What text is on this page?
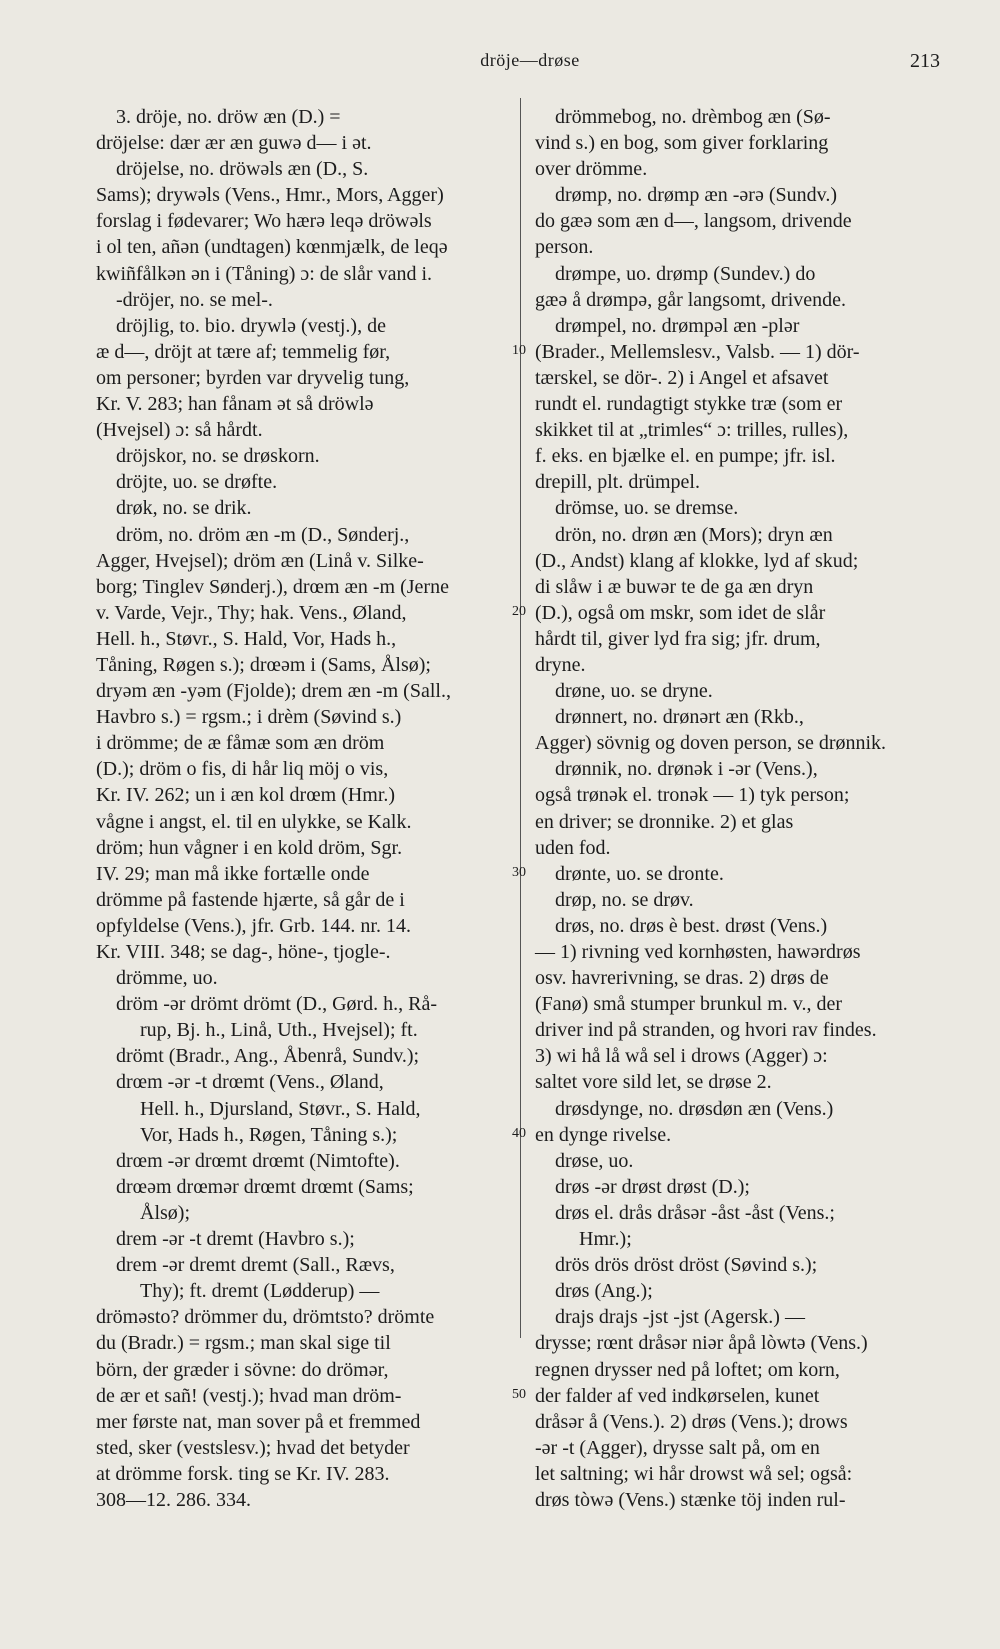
dröje—drøse	213
10
20
30
40
50
3. dröje, no. dröw æn (D.) =
dröjelse: dær ær æn guwə d— i ət.
dröjelse, no. dröwəls æn (D., S.
Sams); drywəls (Vens., Hmr., Mors, Agger)
forslag i fødevarer; Wo hærə leqə dröwəls
i ol ten, añən (undtagen) kœnmjælk, de leqə
kwiñfålkən ən i (Tåning) ɔ: de slår vand i.
-dröjer, no. se mel-.
dröjlig, to. bio. drywlə (vestj.), de
æ d—, dröjt at tære af; temmelig før,
om personer; byrden var dryvelig tung,
Kr. V. 283; han fånam ət så dröwlə
(Hvejsel) ɔ: så hårdt.
dröjskor, no. se drøskorn.
dröjte, uo. se drøfte.
drøk, no. se drik.
dröm, no. dröm æn -m (D., Sønderj.,
Agger, Hvejsel); dröm æn (Linå v. Silke-
borg; Tinglev Sønderj.), drœm æn -m (Jerne
v. Varde, Vejr., Thy; hak. Vens., Øland,
Hell. h., Støvr., S. Hald, Vor, Hads h.,
Tåning, Røgen s.); drœəm i (Sams, Ålsø);
dryəm æn -yəm (Fjolde); drem æn -m (Sall.,
Havbro s.) = rgsm.; i drèm (Søvind s.)
i drömme; de æ fåmæ som æn dröm
(D.); dröm o fis, di hår liq möj o vis,
Kr. IV. 262; un i æn kol drœm (Hmr.)
vågne i angst, el. til en ulykke, se Kalk.
dröm; hun vågner i en kold dröm, Sgr.
IV. 29; man må ikke fortælle onde
drömme på fastende hjærte, så går de i
opfyldelse (Vens.), jfr. Grb. 144. nr. 14.
Kr. VIII. 348; se dag-, höne-, tjogle-.
drömme, uo.
dröm -ər drömt drömt (D., Gørd. h., Rå-
rup, Bj. h., Linå, Uth., Hvejsel); ft.
drömt (Bradr., Ang., Åbenrå, Sundv.);
drœm -ər -t drœmt (Vens., Øland,
Hell. h., Djursland, Støvr., S. Hald,
Vor, Hads h., Røgen, Tåning s.);
drœm -ər drœmt drœmt (Nimtofte).
drœəm drœmər drœmt drœmt (Sams;
Ålsø);
drem -ər -t dremt (Havbro s.);
drem -ər dremt dremt (Sall., Rævs,
Thy); ft. dremt (Lødderup) —
drömәsto? drömmer du, drömtsto? drömte
du (Bradr.) = rgsm.; man skal sige til
börn, der græder i sövne: do drömər,
de ær et sañ! (vestj.); hvad man dröm-
mer første nat, man sover på et fremmed
sted, sker (vestslesv.); hvad det betyder
at drömme forsk. ting se Kr. IV. 283.
308—12. 286. 334.
drömmebog, no. drèmbog æn (Sø-
vind s.) en bog, som giver forklaring
over drömme.
drømp, no. drømp æn -ərə (Sundv.)
do gæə som æn d—, langsom, drivende
person.
drømpe, uo. drømp (Sundev.) do
gæə å drømpə, går langsomt, drivende.
drømpel, no. drømpəl æn -plər
(Brader., Mellemslesv., Valsb. — 1) dör-
tærskel, se dör-. 2) i Angel et afsavet
rundt el. rundagtigt stykke træ (som er
skikket til at „trimles“ ɔ: trilles, rulles),
f. eks. en bjælke el. en pumpe; jfr. isl.
drepill, plt. drümpel.
drömse, uo. se dremse.
drön, no. drøn æn (Mors); dryn æn
(D., Andst) klang af klokke, lyd af skud;
di slåw i æ buwər te de ga æn dryn
(D.), også om mskr, som idet de slår
hårdt til, giver lyd fra sig; jfr. drum,
dryne.
drøne, uo. se dryne.
drønnert, no. drønərt æn (Rkb.,
Agger) sövnig og doven person, se drønnik.
drønnik, no. drønək i -ər (Vens.),
også trønək el. tronək — 1) tyk person;
en driver; se dronnike. 2) et glas
uden fod.
drønte, uo. se dronte.
drøp, no. se drøv.
drøs, no. drøs è best. drøst (Vens.)
— 1) rivning ved kornhøsten, hawərdrøs
osv. havrerivning, se dras. 2) drøs de
(Fanø) små stumper brunkul m. v., der
driver ind på stranden, og hvori rav findes.
3) wi hå lå wå sel i drows (Agger) ɔ:
saltet vore sild let, se drøse 2.
drøsdynge, no. drøsdøn æn (Vens.)
en dynge rivelse.
drøse, uo.
drøs -ər drøst drøst (D.);
drøs el. drås dråsər -åst -åst (Vens.;
Hmr.);
drös drös dröst dröst (Søvind s.);
drøs (Ang.);
drajs drajs -jst -jst (Agersk.) —
drysse; rœnt dråsər niər åpå lòwtə (Vens.)
regnen drysser ned på loftet; om korn,
der falder af ved indkørselen, kunet
dråsər å (Vens.). 2) drøs (Vens.); drows
-ər -t (Agger), drysse salt på, om en
let saltning; wi hår drowst wå sel; også:
drøs tòwə (Vens.) stænke töj inden rul-
